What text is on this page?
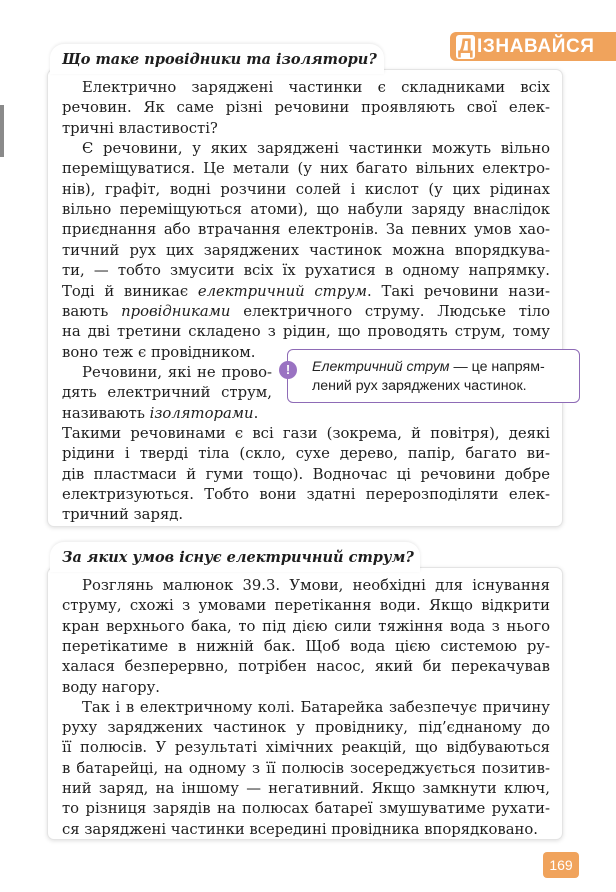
Д ІЗНАВАЙСЯ
Що таке провідники та ізолятори?
За яких умов існує електричний струм?
Електрично заряджені частинки є складниками всіх
речовин. Як саме різні речовини проявляють свої елек-
тричні властивості?
Є речовини, у яких заряджені частинки можуть вільно
переміщуватися. Це метали (у них багато вільних електро-
нів), графіт, водні розчини солей і кислот (у цих рідинах
вільно переміщуються атоми), що набули заряду внаслідок
приєднання або втрачання електронів. За певних умов хао-
тичний рух цих заряджених частинок можна впорядкува-
ти, — тобто змусити всіх їх рухатися в одному напрямку.
Тоді й виникає електричний струм. Такі речовини нази-
вають провідниками електричного струму. Людське тіло
на дві третини складено з рідин, що проводять струм, тому
воно теж є провідником.
Речовини, які не прово-
дять електричний струм,
називають ізоляторами.
Такими речовинами є всі гази (зокрема, й повітря), деякі
рідини і тверді тіла (скло, сухе дерево, папір, багато ви-
дів пластмаси й гуми тощо). Водночас ці речовини добре
електризуються. Тобто вони здатні перерозподіляти елек-
тричний заряд.
Розглянь малюнок 39.3. Умови, необхідні для існування
струму, схожі з умовами перетікання води. Якщо відкрити
кран верхнього бака, то під дією сили тяжіння вода з нього
перетікатиме в нижній бак. Щоб вода цією системою ру-
халася безперервно, потрібен насос, який би перекачував
воду нагору.
Так і в електричному колі. Батарейка забезпечує причину
руху заряджених частинок у провіднику, під’єднаному до
її полюсів. У результаті хімічних реакцій, що відбуваються
в батарейці, на одному з її полюсів зосереджується позитив-
ний заряд, на іншому — негативний. Якщо замкнути ключ,
то різниця зарядів на полюсах батареї змушуватиме рухати-
ся заряджені частинки всередині провідника впорядковано.
!	Електричний струм — це напрямлений рух заряджених частинок.
169
